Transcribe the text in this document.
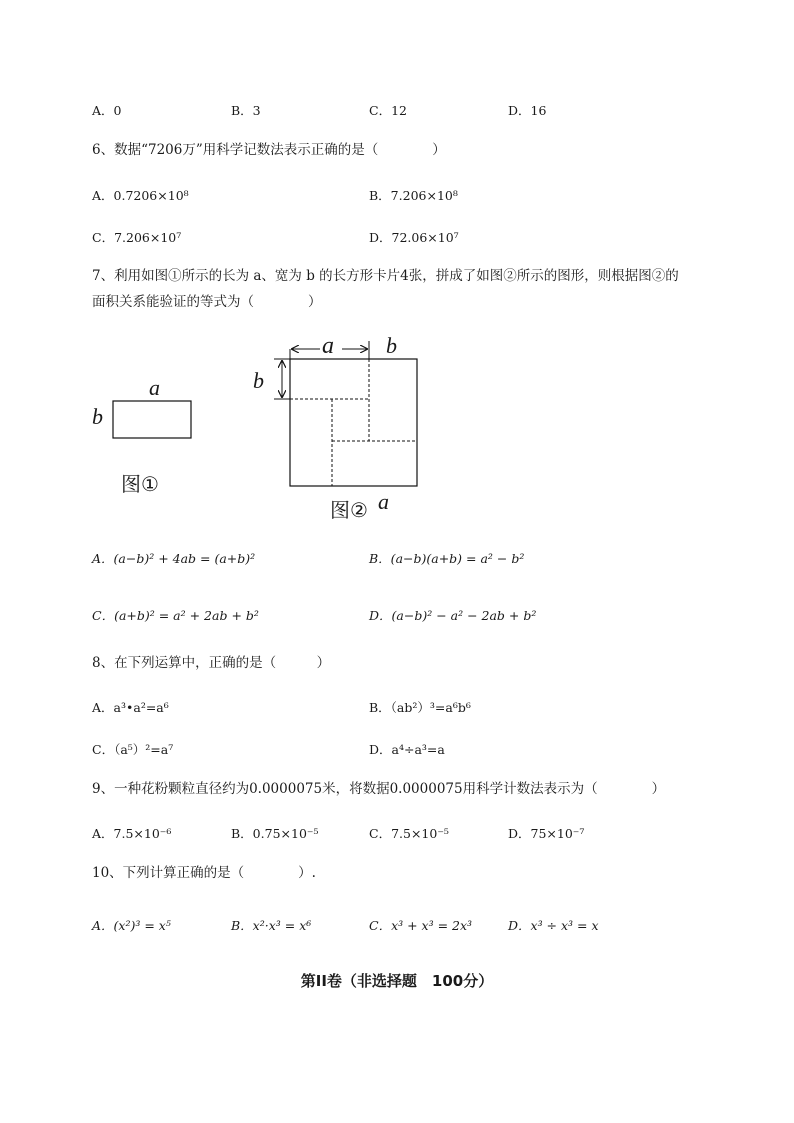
A．0	B．3	C．12	D．16
6、数据“7206万”用科学记数法表示正确的是（　　　　）
A．0.7206×10⁸	B．7.206×10⁸
C．7.206×10⁷	D．72.06×10⁷
7、利用如图①所示的长为 a、宽为 b 的长方形卡片4张，拼成了如图②所示的图形，则根据图②的
面积关系能验证的等式为（　　　　）
a
b
图①
a b
b
图② a
A．(a−b)² + 4ab = (a+b)²	B．(a−b)(a+b) = a² − b²
C．(a+b)² = a² + 2ab + b²	D．(a−b)² − a² − 2ab + b²
8、在下列运算中，正确的是（　　　）
A．a³•a²=a⁶	B．（ab²）³=a⁶b⁶
C．（a⁵）²=a⁷	D．a⁴÷a³=a
9、一种花粉颗粒直径约为0.0000075米，将数据0.0000075用科学计数法表示为（　　　　）
A．7.5×10⁻⁶	B．0.75×10⁻⁵	C．7.5×10⁻⁵	D．75×10⁻⁷
10、下列计算正确的是（　　　　）.
A．(x²)³ = x⁵	B．x²·x³ = x⁶	C．x³ + x³ = 2x³	D．x³ ÷ x³ = x
第II卷（非选择题　100分）
